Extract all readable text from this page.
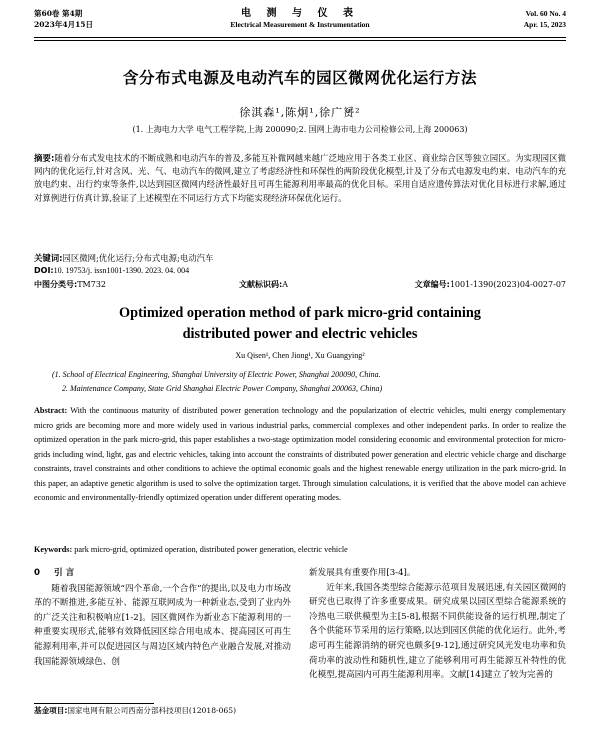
第60卷 第4期
2023年4月15日
电 测 与 仪 表
Electrical Measurement & Instrumentation
Vol. 60 No. 4
Apr. 15, 2023
含分布式电源及电动汽车的园区微网优化运行方法
徐淇森¹,陈炯¹,徐广赟²
(1. 上海电力大学 电气工程学院,上海 200090;2. 国网上海市电力公司检修公司,上海 200063)
摘要:随着分布式发电技术的不断成熟和电动汽车的普及,多能互补微网越来越广泛地应用于各类工业区、商业综合区等独立园区。为实现园区微网内的优化运行,针对含风、光、气、电动汽车的微网,建立了考虑经济性和环保性的两阶段优化模型,计及了分布式电源发电约束、电动汽车的充放电约束、出行约束等条件,以达到园区微网内经济性最好且可再生能源利用率最高的优化目标。采用自适应遗传算法对优化目标进行求解,通过对算例进行仿真计算,验证了上述模型在不同运行方式下均能实现经济环保优化运行。
关键词:园区微网;优化运行;分布式电源;电动汽车
DOI:10. 19753/j. issn1001-1390. 2023. 04. 004
中图分类号:TM732	文献标识码:A	文章编号:1001-1390(2023)04-0027-07
Optimized operation method of park micro-grid containing
distributed power and electric vehicles
Xu Qisen¹, Chen Jiong¹, Xu Guangying²
(1. School of Electrical Engineering, Shanghai University of Electric Power, Shanghai 200090, China.
2. Maintenance Company, State Grid Shanghai Electric Power Company, Shanghai 200063, China)
Abstract: With the continuous maturity of distributed power generation technology and the popularization of electric vehicles, multi energy complementary micro grids are becoming more and more widely used in various industrial parks, commercial complexes and other independent parks. In order to realize the optimized operation in the park micro-grid, this paper establishes a two-stage optimization model considering economic and environmental protection for micro-grids including wind, light, gas and electric vehicles, taking into account the constraints of distributed power generation and electric vehicle charge and discharge constraints, travel constraints and other conditions to achieve the optimal economic goals and the highest renewable energy utilization in the park micro-grid. In this paper, an adaptive genetic algorithm is used to solve the optimization target. Through simulation calculations, it is verified that the above model can achieve economic and environmentally-friendly optimized operation under different operating modes.
Keywords: park micro-grid, optimized operation, distributed power generation, electric vehicle
0 引 言
随着我国能源领域“四个革命,一个合作”的提出,以及电力市场改革的不断推进,多能互补、能源互联网成为一种新业态,受到了业内外的广泛关注和积极响应[1-2]。园区微网作为新业态下能源利用的一种重要实现形式,能够有效降低园区综合用电成本、提高园区可再生能源利用率,并可以促进园区与周边区域内特色产业融合发展,对推动我国能源领域绿色、创
新发展具有重要作用[3-4]。
近年来,我国各类型综合能源示范项目发展迅速,有关园区微网的研究也已取得了许多重要成果。研究成果以园区型综合能源系统的冷热电三联供模型为主[5-8],根据不同供能设备的运行机理,制定了各个供能环节采用的运行策略,以达到园区供能的优化运行。此外,考虑可再生能源消纳的研究也颇多[9-12],通过研究风光发电功率和负荷功率的波动性和随机性,建立了能够利用可再生能源互补特性的优化模型,提高园内可再生能源利用率。文献[14]建立了较为完善的
基金项目:国家电网有限公司西南分部科技项目(12018-065)
